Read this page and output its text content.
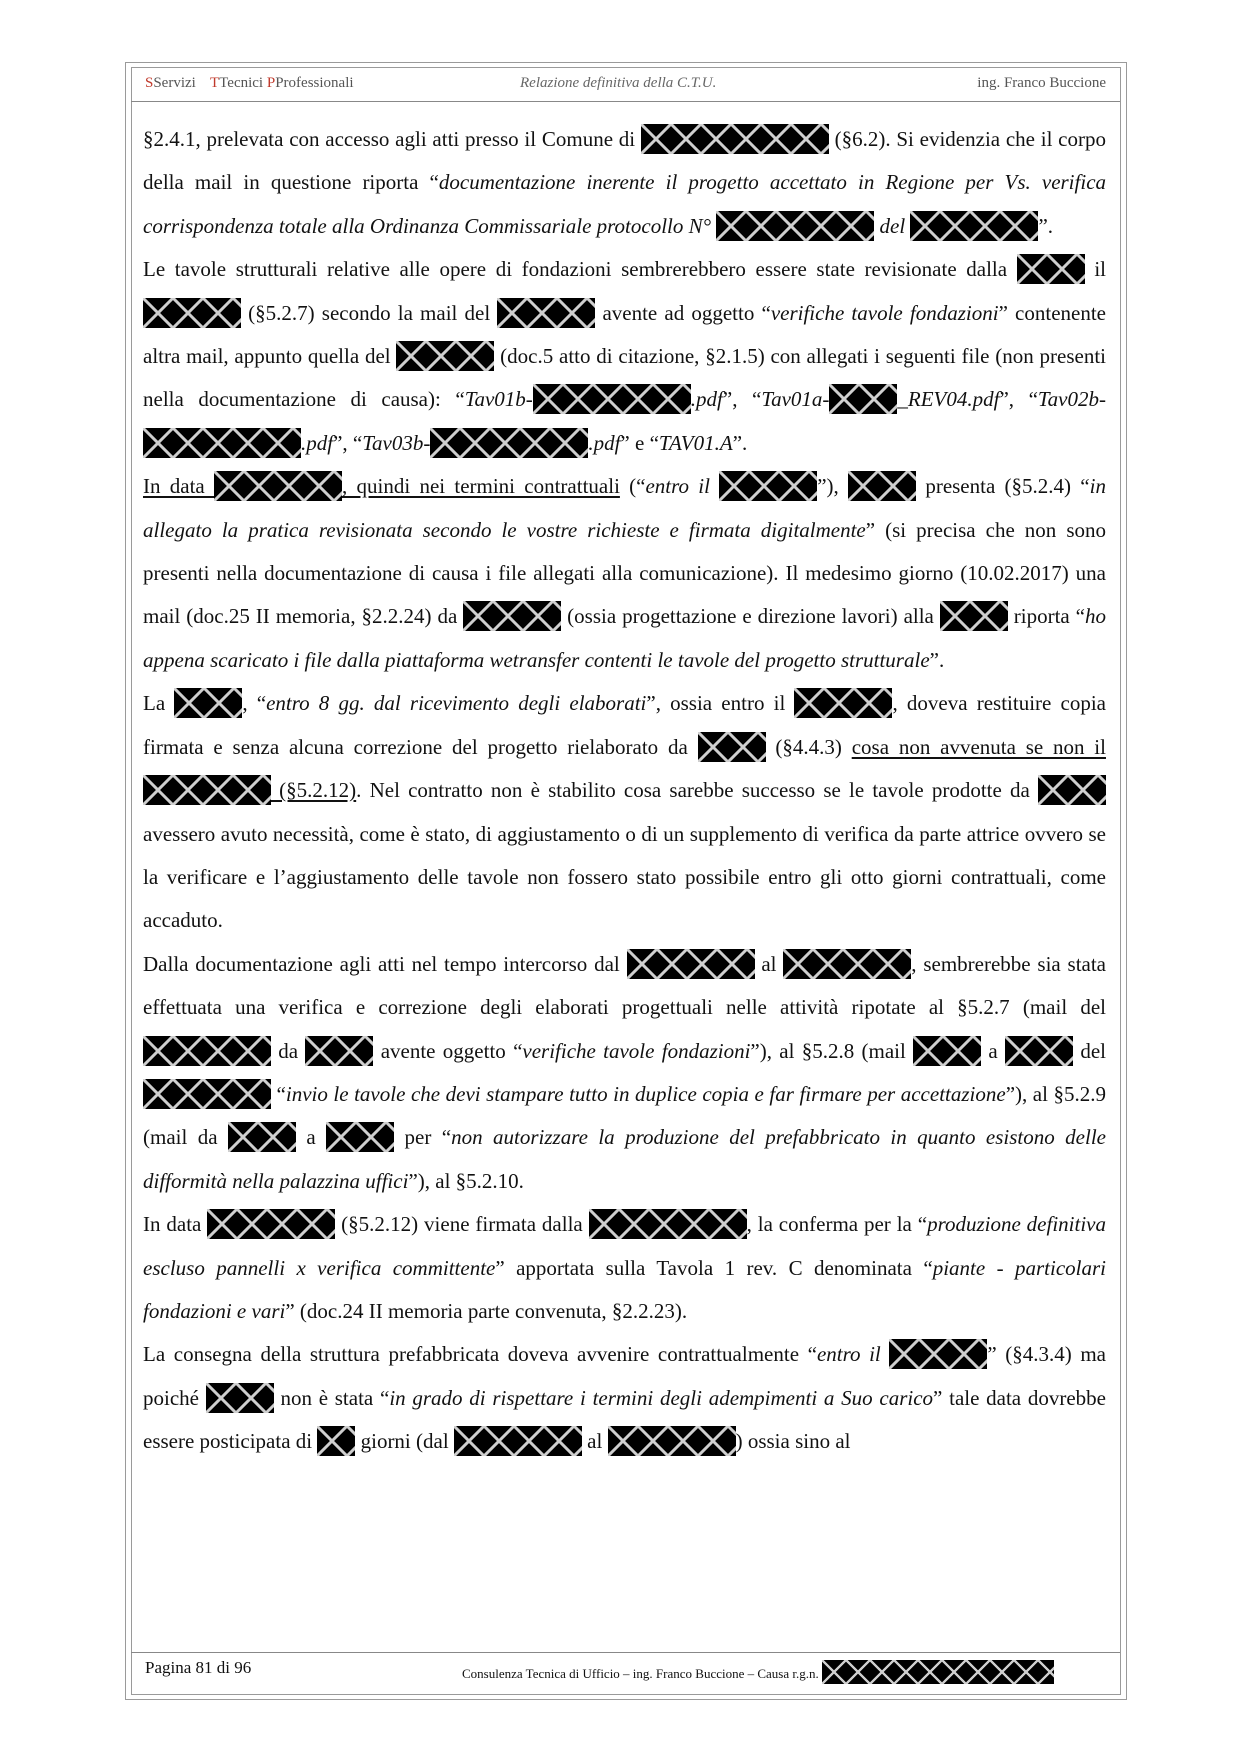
SServizi TTecnici PProfessionali	Relazione definitiva della C.T.U.	ing. Franco Buccione

§2.4.1, prelevata con accesso agli atti presso il Comune di	(§6.2). Si evidenzia che il corpo della mail in questione riporta “documentazione inerente il progetto accettato in Regione per Vs. verifica corrispondenza totale alla Ordinanza Commissariale protocollo N°	del	”.

Le tavole strutturali relative alle opere di fondazioni sembrerebbero essere state revisionate dalla	il  (§5.2.7) secondo la mail del	avente ad oggetto “verifiche tavole fondazioni” contenente altra mail, appunto quella del	(doc.5 atto di citazione, §2.1.5) con allegati i seguenti file (non presenti nella documentazione di causa): “Tav01b-	.pdf”, “Tav01a-	_REV04.pdf”, “Tav02b-.pdf”, “Tav03b-	.pdf” e “TAV01.A”.

In data	, quindi nei termini contrattuali (“entro il	”),	presenta (§5.2.4) “in allegato la pratica revisionata secondo le vostre richieste e firmata digitalmente” (si precisa che non sono presenti nella documentazione di causa i file allegati alla comunicazione). Il medesimo giorno (10.02.2017) una mail (doc.25 II memoria, §2.2.24) da	(ossia progettazione e direzione lavori) alla	riporta “ho appena scaricato i file dalla piattaforma wetransfer contenti le tavole del progetto strutturale”.

La	, “entro 8 gg. dal ricevimento degli elaborati”, ossia entro il	, doveva restituire copia firmata e senza alcuna correzione del progetto rielaborato da	(§4.4.3) cosa non avvenuta se non il  (§5.2.12). Nel contratto non è stabilito cosa sarebbe successo se le tavole prodotte da  avessero avuto necessità, come è stato, di aggiustamento o di un supplemento di verifica da parte attrice ovvero se la verificare e l’aggiustamento delle tavole non fossero stato possibile entro gli otto giorni contrattuali, come accaduto.

Dalla documentazione agli atti nel tempo intercorso dal	al	, sembrerebbe sia stata effettuata una verifica e correzione degli elaborati progettuali nelle attività ripotate al §5.2.7 (mail del  da	avente oggetto “verifiche tavole fondazioni”), al §5.2.8 (mail	a	del  “invio le tavole che devi stampare tutto in duplice copia e far firmare per accettazione”), al §5.2.9 (mail da	a	per “non autorizzare la produzione del prefabbricato in quanto esistono delle difformità nella palazzina uffici”), al §5.2.10.

In data	(§5.2.12) viene firmata dalla	, la conferma per la “produzione definitiva escluso pannelli x verifica committente” apportata sulla Tavola 1 rev. C denominata “piante - particolari fondazioni e vari” (doc.24 II memoria parte convenuta, §2.2.23).

La consegna della struttura prefabbricata doveva avvenire contrattualmente “entro il	” (§4.3.4) ma poiché	non è stata “in grado di rispettare i termini degli adempimenti a Suo carico” tale data dovrebbe essere posticipata di  giorni (dal	al	) ossia sino al

Pagina 81 di 96	Consulenza Tecnica di Ufficio – ing. Franco Buccione – Causa r.g.n.
